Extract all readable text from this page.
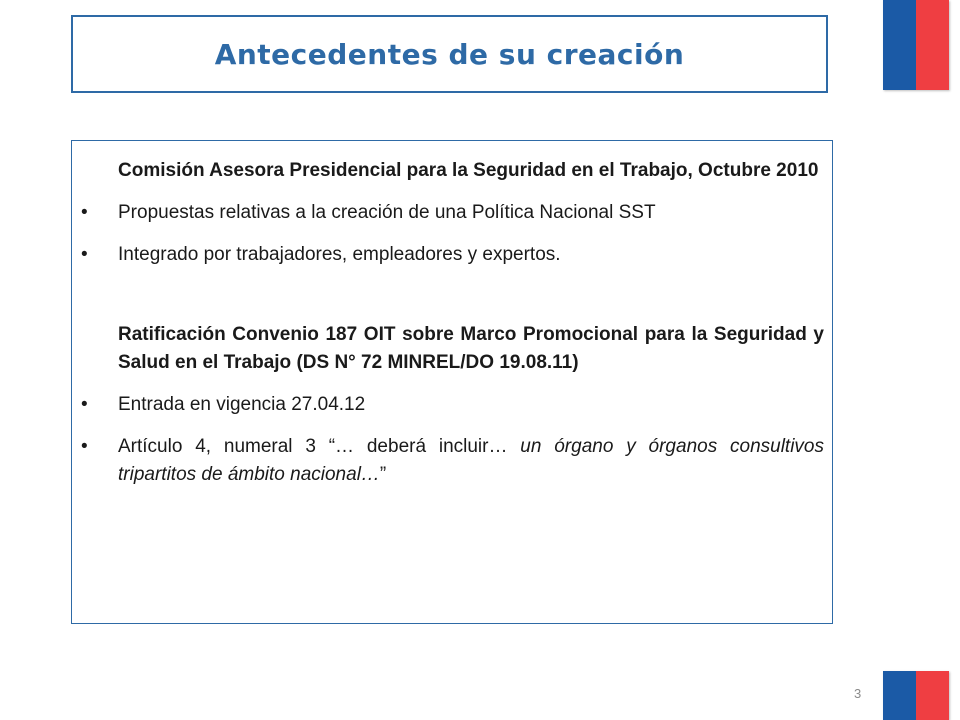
Antecedentes de su creación

Comisión Asesora Presidencial para la Seguridad en el Trabajo, Octubre 2010

• Propuestas relativas a la creación de una Política Nacional SST

• Integrado por trabajadores, empleadores y expertos.

Ratificación Convenio 187 OIT sobre Marco Promocional para la Seguridad y Salud en el Trabajo (DS N° 72 MINREL/DO 19.08.11)

• Entrada en vigencia 27.04.12

• Artículo 4, numeral 3 “… deberá incluir… un órgano y órganos consultivos tripartitos de ámbito nacional…”

3
